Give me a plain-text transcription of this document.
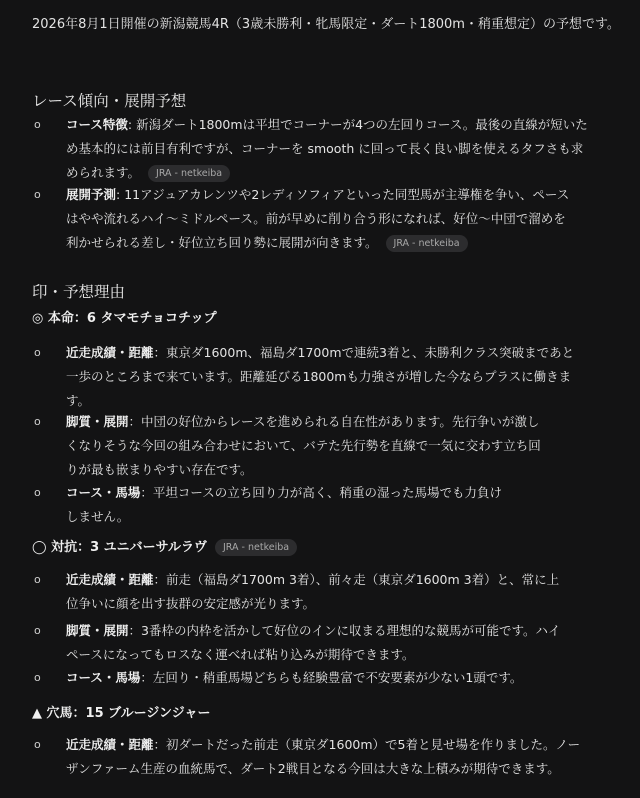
2026年8月1日開催の新潟競馬4R（3歳未勝利・牝馬限定・ダート1800m・稍重想定）の予想です。
レース傾向・展開予想
o コース特徴: 新潟ダート1800mは平坦でコーナーが4つの左回りコース。最後の直線が短いため基本的には前目有利ですが、コーナーを smooth に回って長く良い脚を使えるタフさも求められます。 JRA - netkeiba
o 展開予測: 11アジュアカレンツや2レディソフィアといった同型馬が主導権を争い、ペースはやや流れるハイ～ミドルペース。前が早めに削り合う形になれば、好位～中団で溜めを利かせられる差し・好位立ち回り勢に展開が向きます。 JRA - netkeiba
印・予想理由
◎ 本命：6 タマモチョコチップ
o 近走成績・距離：東京ダ1600m、福島ダ1700mで連続3着と、未勝利クラス突破まであと一歩のところまで来ています。距離延びる1800mも力強さが増した今ならプラスに働きます。
o 脚質・展開：中団の好位からレースを進められる自在性があります。先行争いが激しくなりそうな今回の組み合わせにおいて、バテた先行勢を直線で一気に交わす立ち回りが最も嵌まりやすい存在です。
o コース・馬場：平坦コースの立ち回り力が高く、稍重の湿った馬場でも力負けしません。
◯ 対抗：3 ユニバーサルラヴ JRA - netkeiba
o 近走成績・距離：前走（福島ダ1700m 3着）、前々走（東京ダ1600m 3着）と、常に上位争いに顔を出す抜群の安定感が光ります。
o 脚質・展開：3番枠の内枠を活かして好位のインに収まる理想的な競馬が可能です。ハイペースになってもロスなく運べれば粘り込みが期待できます。
o コース・馬場：左回り・稍重馬場どちらも経験豊富で不安要素が少ない1頭です。
▲ 穴馬：15 ブルージンジャー
o 近走成績・距離：初ダートだった前走（東京ダ1600m）で5着と見せ場を作りました。ノーザンファーム生産の血統馬で、ダート2戦目となる今回は大きな上積みが期待できます。
